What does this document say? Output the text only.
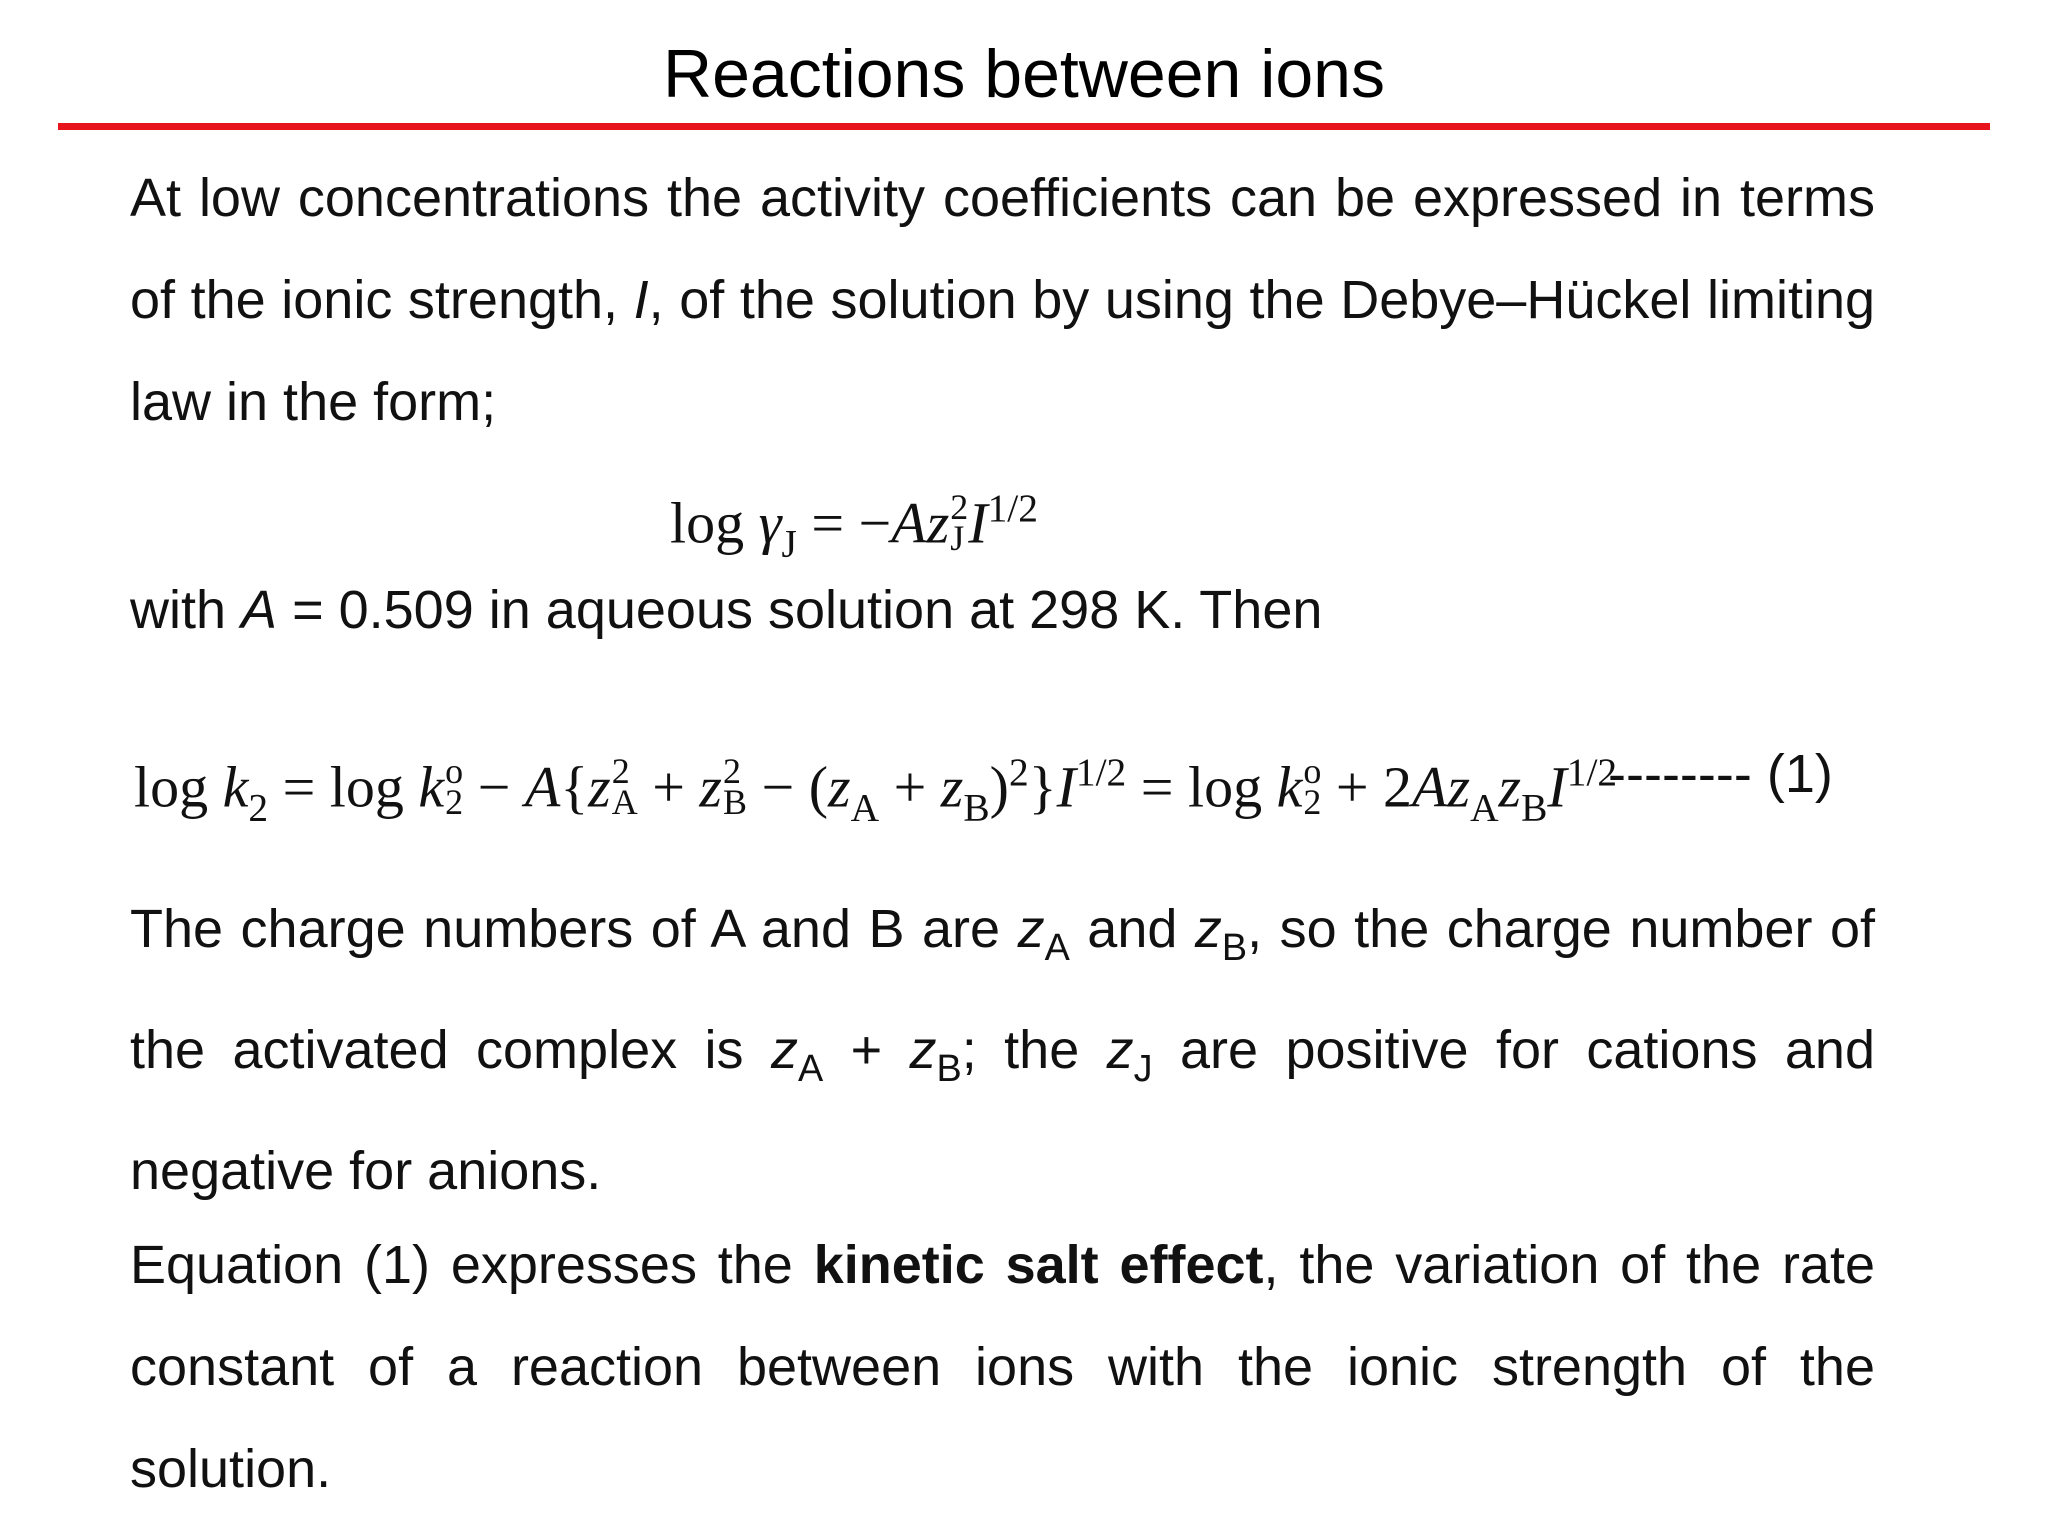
Reactions between ions
At low concentrations the activity coefficients can be expressed in terms of the ionic strength, I, of the solution by using the Debye–Hückel limiting law in the form;
$\log \gamma_J = -Az$ 2
J $I^{1/2}$
with A = 0.509 in aqueous solution at 298 K. Then
$\log k_2 = \log k$ o
2 − A{z 2
A + z 2
$B - (z_A + z_B)^2\}I^{1/2} = \log k$ o
$2 + 2Az_Az_BI^{1/2}$
-------- (1)
The charge numbers of A and B are $z_A$ and $z_B$, so the charge number of the activated complex is $z_A + z_B$; the $z_J$ are positive for cations and negative for anions.
Equation (1) expresses the kinetic salt effect, the variation of the rate constant of a reaction between ions with the ionic strength of the solution.
